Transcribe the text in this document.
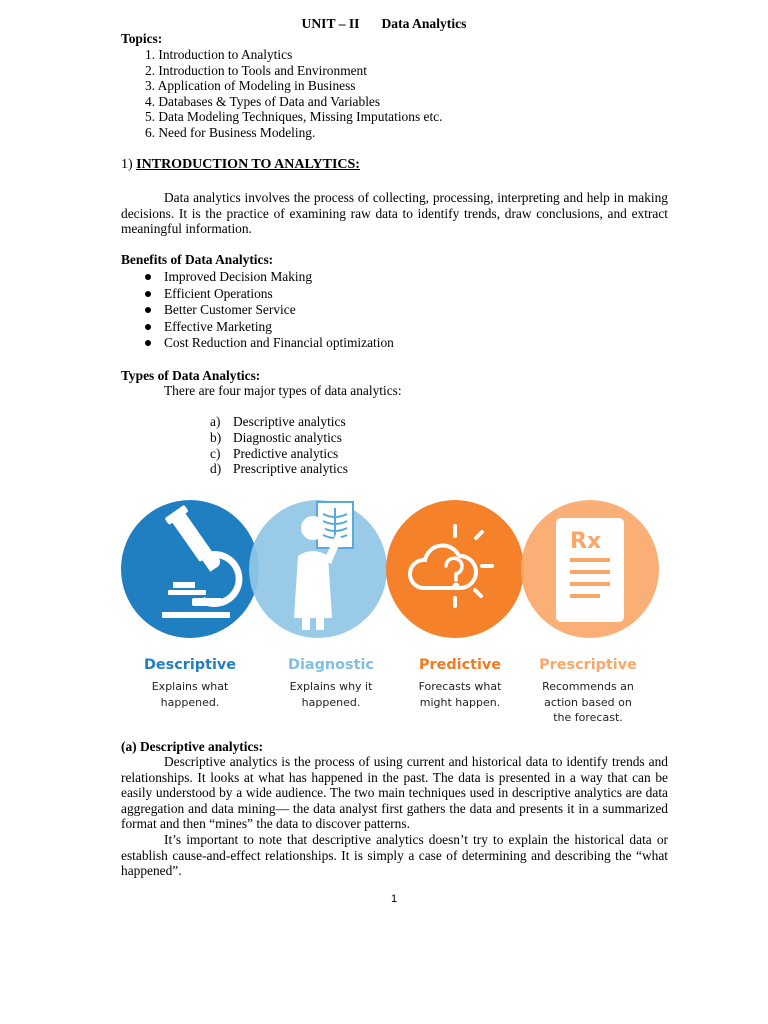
UNIT – II Data Analytics
Topics:
1. Introduction to Analytics
2. Introduction to Tools and Environment
3. Application of Modeling in Business
4. Databases & Types of Data and Variables
5. Data Modeling Techniques, Missing Imputations etc.
6. Need for Business Modeling.
1) INTRODUCTION TO ANALYTICS:

Data analytics involves the process of collecting, processing, interpreting and help in making decisions. It is the practice of examining raw data to identify trends, draw conclusions, and extract meaningful information.

Benefits of Data Analytics:
Improved Decision Making
Efficient Operations
Better Customer Service
Effective Marketing
Cost Reduction and Financial optimization
Types of Data Analytics:
There are four major types of data analytics:
a) Descriptive analytics
b) Diagnostic analytics
c) Predictive analytics
d) Prescriptive analytics
Rx
Descriptive
Explains what
happened.
Diagnostic
Explains why it
happened.
Predictive
Forecasts what
might happen.
Prescriptive
Recommends an
action based on
the forecast.
(a) Descriptive analytics:

Descriptive analytics is the process of using current and historical data to identify trends and relationships. It looks at what has happened in the past. The data is presented in a way that can be easily understood by a wide audience. The two main techniques used in descriptive analytics are data aggregation and data mining— the data analyst first gathers the data and presents it in a summarized format and then “mines” the data to discover patterns.

It’s important to note that descriptive analytics doesn’t try to explain the historical data or establish cause-and-effect relationships. It is simply a case of determining and describing the “what happened”.

1
